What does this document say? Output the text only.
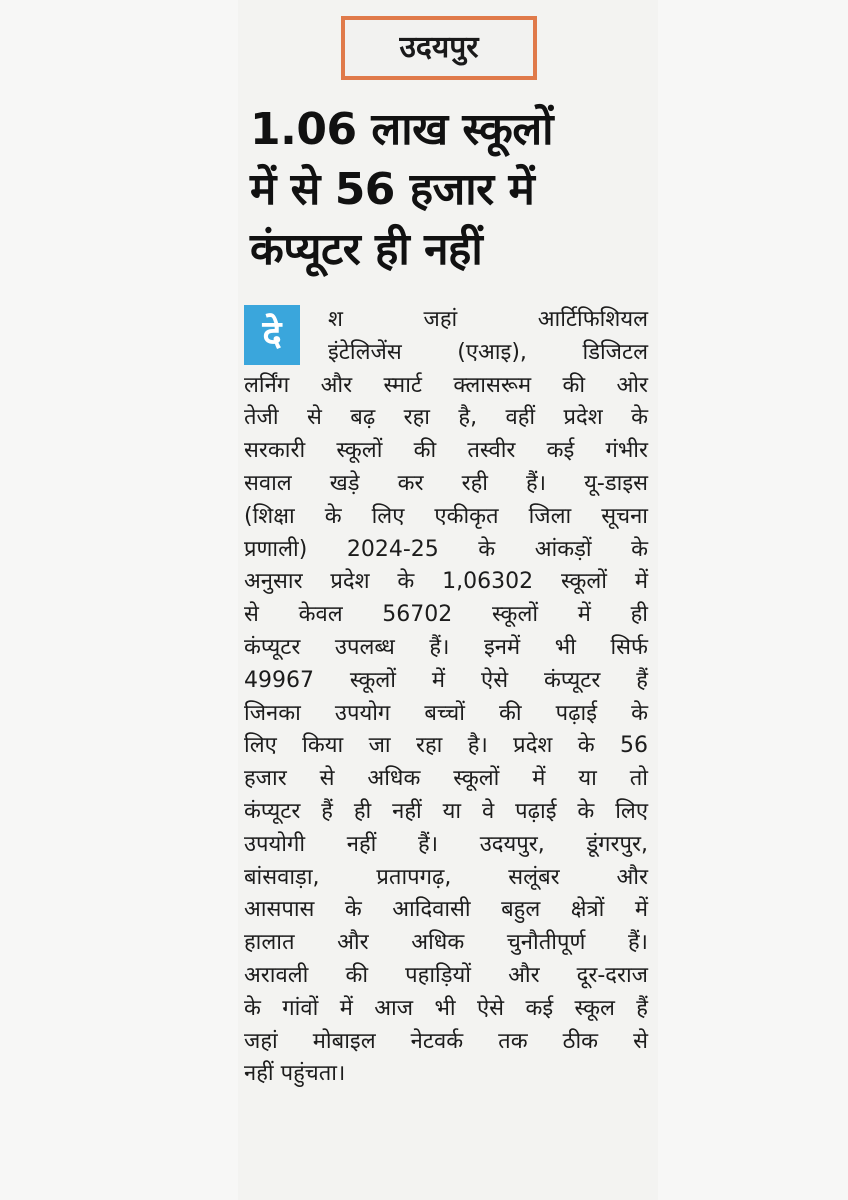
उदयपुर
1.06 लाख स्कूलों
में से 56 हजार में
कंप्यूटर ही नहीं
श जहां आर्टिफिशियल
इंटेलिजेंस (एआइ), डिजिटल
लर्निंग और स्मार्ट क्लासरूम की ओर
तेजी से बढ़ रहा है, वहीं प्रदेश के
सरकारी स्कूलों की तस्वीर कई गंभीर
सवाल खड़े कर रही हैं। यू-डाइस
(शिक्षा के लिए एकीकृत जिला सूचना
प्रणाली) 2024-25 के आंकड़ों के
अनुसार प्रदेश के 1,06302 स्कूलों में
से केवल 56702 स्कूलों में ही
कंप्यूटर उपलब्ध हैं। इनमें भी सिर्फ
49967 स्कूलों में ऐसे कंप्यूटर हैं
जिनका उपयोग बच्चों की पढ़ाई के
लिए किया जा रहा है। प्रदेश के 56
हजार से अधिक स्कूलों में या तो
कंप्यूटर हैं ही नहीं या वे पढ़ाई के लिए
उपयोगी नहीं हैं। उदयपुर, डूंगरपुर,
बांसवाड़ा, प्रतापगढ़, सलूंबर और
आसपास के आदिवासी बहुल क्षेत्रों में
हालात और अधिक चुनौतीपूर्ण हैं।
अरावली की पहाड़ियों और दूर-दराज
के गांवों में आज भी ऐसे कई स्कूल हैं
जहां मोबाइल नेटवर्क तक ठीक से
नहीं पहुंचता।
दे
